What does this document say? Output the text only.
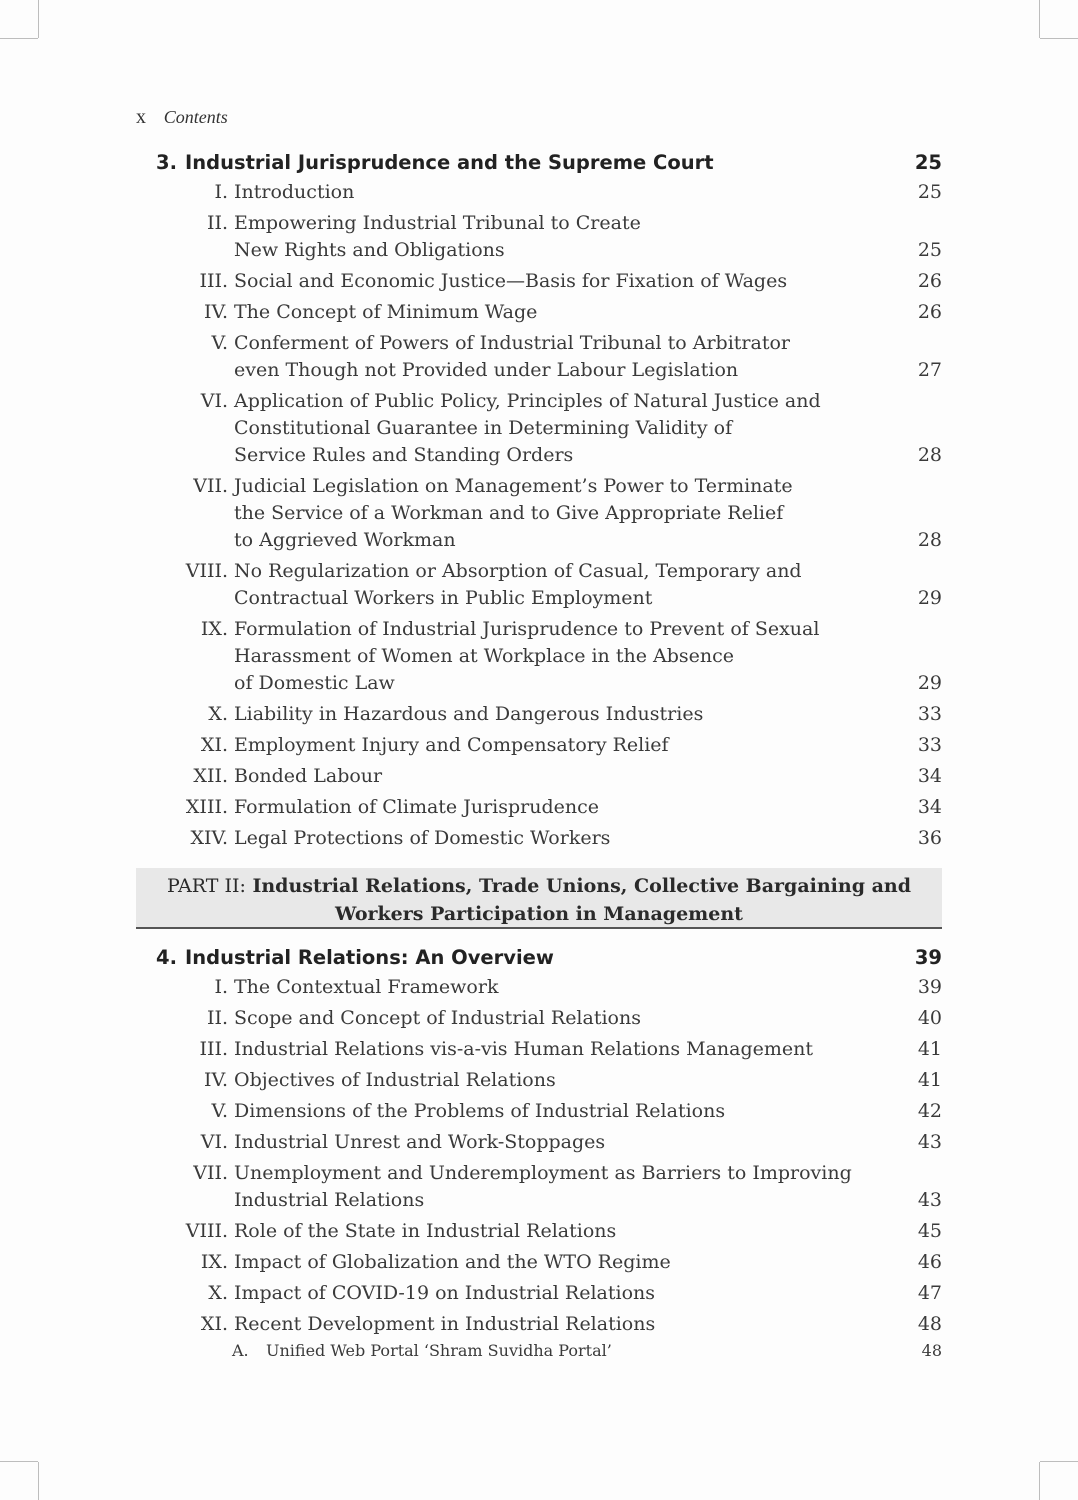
x Contents
3. Industrial Jurisprudence and the Supreme Court	25
I. Introduction	25
II. Empowering Industrial Tribunal to Create
New Rights and Obligations	25
III. Social and Economic Justice—Basis for Fixation of Wages	26
IV. The Concept of Minimum Wage	26
V. Conferment of Powers of Industrial Tribunal to Arbitrator
even Though not Provided under Labour Legislation	27
VI. Application of Public Policy, Principles of Natural Justice and
Constitutional Guarantee in Determining Validity of
Service Rules and Standing Orders	28
VII. Judicial Legislation on Management’s Power to Terminate
the Service of a Workman and to Give Appropriate Relief
to Aggrieved Workman	28
VIII. No Regularization or Absorption of Casual, Temporary and
Contractual Workers in Public Employment	29
IX. Formulation of Industrial Jurisprudence to Prevent of Sexual
Harassment of Women at Workplace in the Absence
of Domestic Law	29
X. Liability in Hazardous and Dangerous Industries	33
XI. Employment Injury and Compensatory Relief	33
XII. Bonded Labour	34
XIII. Formulation of Climate Jurisprudence	34
XIV. Legal Protections of Domestic Workers	36
4. Industrial Relations: An Overview	39
I. The Contextual Framework	39
II. Scope and Concept of Industrial Relations	40
III. Industrial Relations vis-a-vis Human Relations Management	41
IV. Objectives of Industrial Relations	41
V. Dimensions of the Problems of Industrial Relations	42
VI. Industrial Unrest and Work-Stoppages	43
VII. Unemployment and Underemployment as Barriers to Improving
Industrial Relations	43
VIII. Role of the State in Industrial Relations	45
IX. Impact of Globalization and the WTO Regime	46
X. Impact of COVID-19 on Industrial Relations	47
XI. Recent Development in Industrial Relations	48
A. Unified Web Portal ‘Shram Suvidha Portal’	48
PART II: Industrial Relations, Trade Unions, Collective Bargaining and
Workers Participation in Management
